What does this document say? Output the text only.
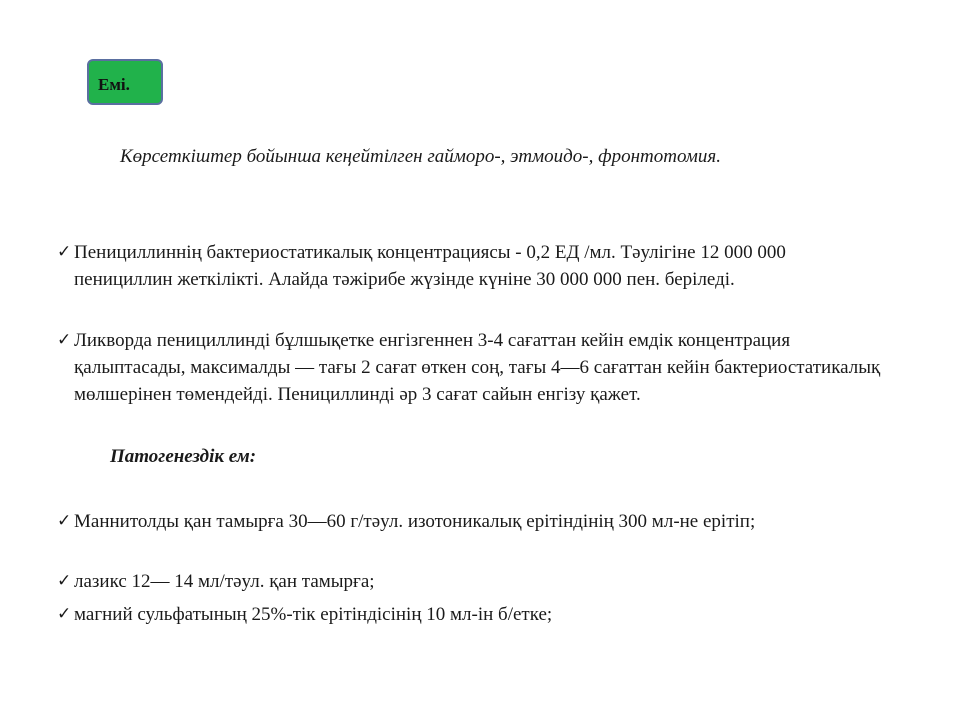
Емі.

Көрсеткіштер бойынша кеңейтілген гайморо-, этмоидо-, фронтотомия.

✓ Пенициллиннің бактериостатикалық концентрациясы - 0,2 ЕД /мл. Тәулігіне 12 000 000 пенициллин жеткілікті. Алайда тәжірибе жүзінде күніне 30 000 000 пен. беріледі.
✓ Ликворда пенициллинді бұлшықетке енгізгеннен 3-4 сағаттан кейін емдік концентрация қалыптасады, максималды — тағы 2 сағат өткен соң, тағы 4—6 сағаттан кейін бактериостатикалық мөлшерінен төмендейді. Пенициллинді әр 3 сағат сайын енгізу қажет.

Патогенездік ем:

✓ Маннитолды қан тамырға 30—60 г/тәул. изотоникалық ерітіндінің 300 мл-не ерітіп;
✓ лазикс 12— 14 мл/тәул. қан тамырға;
✓ магний сульфатының 25%-тік ерітіндісінің 10 мл-ін б/етке;
